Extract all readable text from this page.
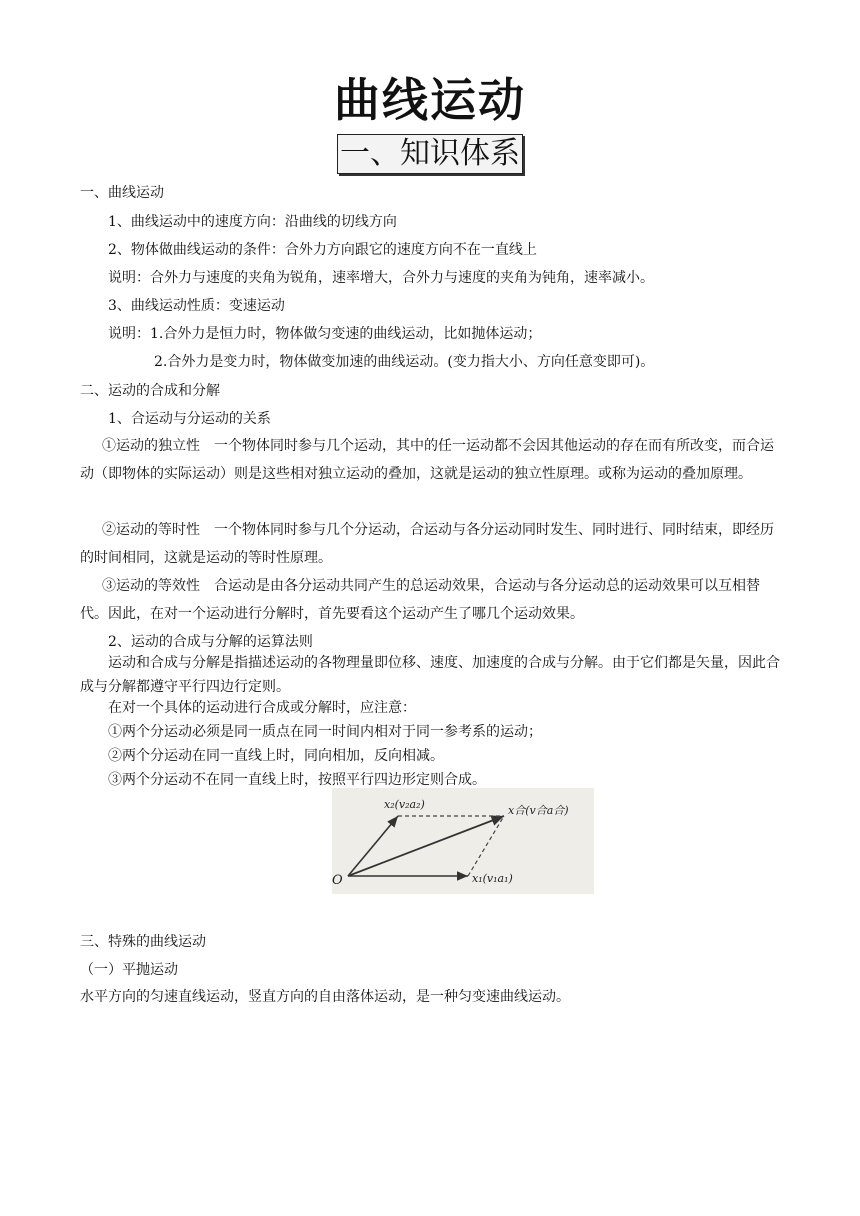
曲线运动
一、知识体系
一、曲线运动
1、曲线运动中的速度方向：沿曲线的切线方向
2、物体做曲线运动的条件：合外力方向跟它的速度方向不在一直线上
说明：合外力与速度的夹角为锐角，速率增大，合外力与速度的夹角为钝角，速率减小。
3、曲线运动性质：变速运动
说明：1.合外力是恒力时，物体做匀变速的曲线运动，比如抛体运动；
2.合外力是变力时，物体做变加速的曲线运动。(变力指大小、方向任意变即可)。
二、运动的合成和分解
1、合运动与分运动的关系
①运动的独立性　一个物体同时参与几个运动，其中的任一运动都不会因其他运动的存在而有所改变，而合运动（即物体的实际运动）则是这些相对独立运动的叠加，这就是运动的独立性原理。或称为运动的叠加原理。
②运动的等时性　一个物体同时参与几个分运动，合运动与各分运动同时发生、同时进行、同时结束，即经历的时间相同，这就是运动的等时性原理。
③运动的等效性　合运动是由各分运动共同产生的总运动效果，合运动与各分运动总的运动效果可以互相替代。因此，在对一个运动进行分解时，首先要看这个运动产生了哪几个运动效果。
2、运动的合成与分解的运算法则
运动和合成与分解是指描述运动的各物理量即位移、速度、加速度的合成与分解。由于它们都是矢量，因此合成与分解都遵守平行四边行定则。
在对一个具体的运动进行合成或分解时，应注意：
①两个分运动必须是同一质点在同一时间内相对于同一参考系的运动；
②两个分运动在同一直线上时，同向相加，反向相减。
③两个分运动不在同一直线上时，按照平行四边形定则合成。
O
x₂(v₂a₂)	x合(v合a合)
x₁(v₁a₁)
三、特殊的曲线运动
（一）平抛运动
水平方向的匀速直线运动，竖直方向的自由落体运动，是一种匀变速曲线运动。
